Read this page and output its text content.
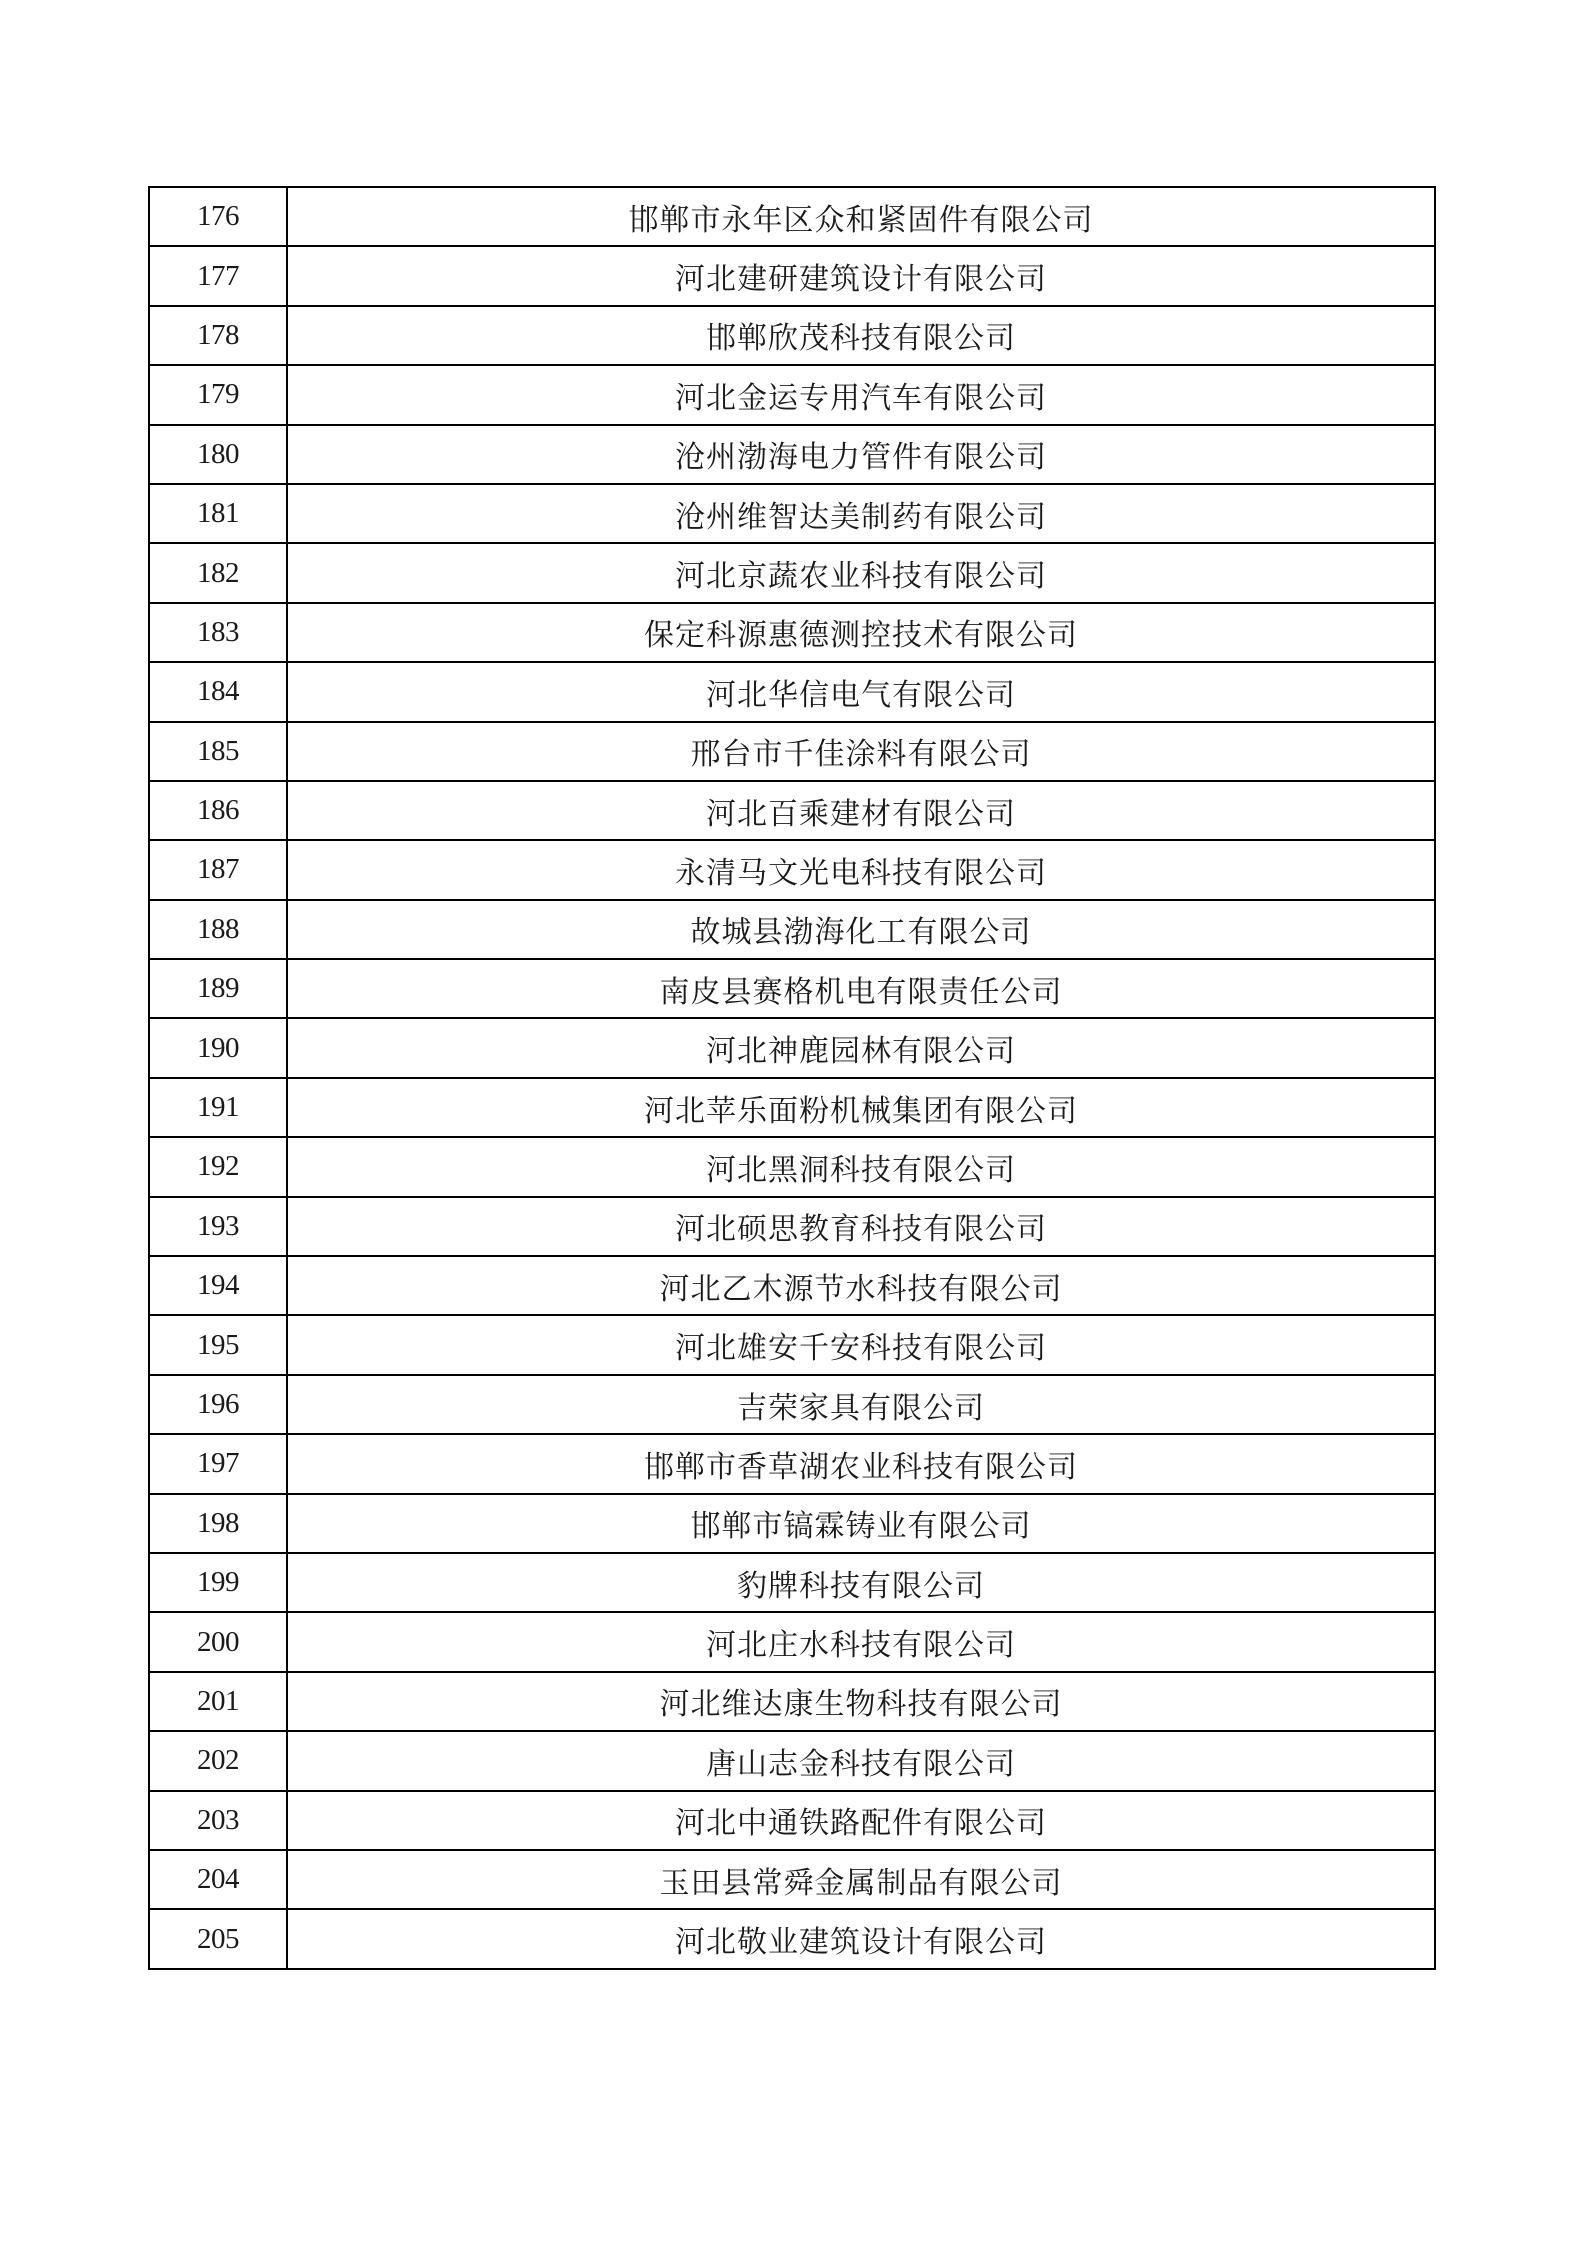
176	邯郸市永年区众和紧固件有限公司
177	河北建研建筑设计有限公司
178	邯郸欣茂科技有限公司
179	河北金运专用汽车有限公司
180	沧州渤海电力管件有限公司
181	沧州维智达美制药有限公司
182	河北京蔬农业科技有限公司
183	保定科源惠德测控技术有限公司
184	河北华信电气有限公司
185	邢台市千佳涂料有限公司
186	河北百乘建材有限公司
187	永清马文光电科技有限公司
188	故城县渤海化工有限公司
189	南皮县赛格机电有限责任公司
190	河北神鹿园林有限公司
191	河北苹乐面粉机械集团有限公司
192	河北黑洞科技有限公司
193	河北硕思教育科技有限公司
194	河北乙木源节水科技有限公司
195	河北雄安千安科技有限公司
196	吉荣家具有限公司
197	邯郸市香草湖农业科技有限公司
198	邯郸市镐霖铸业有限公司
199	豹牌科技有限公司
200	河北庄水科技有限公司
201	河北维达康生物科技有限公司
202	唐山志金科技有限公司
203	河北中通铁路配件有限公司
204	玉田县常舜金属制品有限公司
205	河北敬业建筑设计有限公司
